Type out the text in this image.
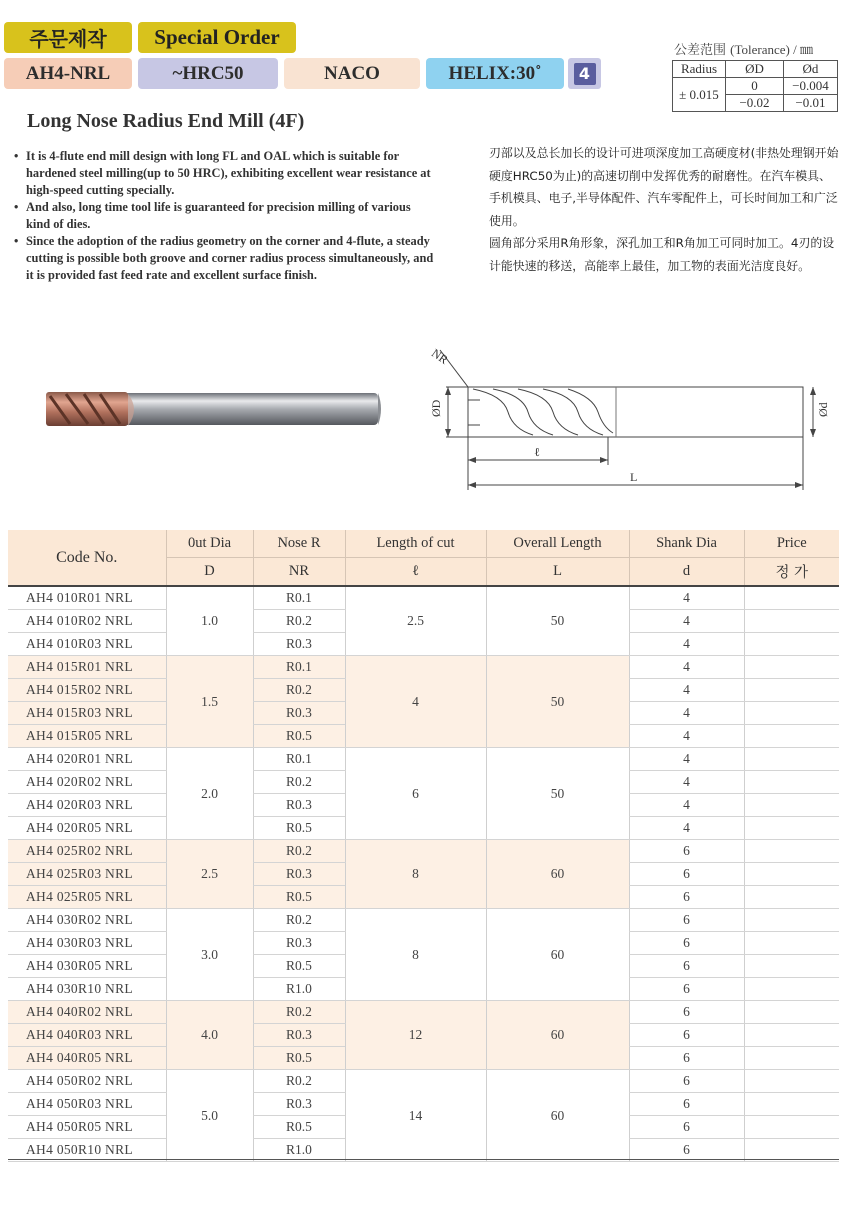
주문제작 Special Order
AH4-NRL	~HRC50	NACO	HELIX:30˚	4
公差范围 (Tolerance) / ㎜
Radius	ØD	Ød
± 0.015	0	−0.004
	−0.02	−0.01
Long Nose Radius End Mill (4F)
• It is 4-flute end mill design with long FL and OAL which is suitable for hardened steel milling(up to 50 HRC), exhibiting excellent wear resistance at high-speed cutting specially.
• And also, long time tool life is guaranteed for precision milling of various kind of dies.
• Since the adoption of the radius geometry on the corner and 4-flute, a steady cutting is possible both groove and corner radius process simultaneously, and it is provided fast feed rate and excellent surface finish.

刃部以及总长加长的设计可进项深度加工高硬度材(非热处理钢开始硬度HRC50为止)的高速切削中发挥优秀的耐磨性。在汽车模具、手机模具、电子,半导体配件、汽车零配件上，可长时间加工和广泛使用。

圆角部分采用R角形象，深孔加工和R角加工可同时加工。4刃的设计能快速的移送，高能率上最佳，加工物的表面光洁度良好。

NR
ØD	Ød
ℓ
L
Code No.	0ut Dia	Nose R	Length of cut	Overall Length	Shank Dia	Price
	D	NR	ℓ	L	d	정 가
AH4 010R01 NRL	1.0	R0.1	2.5	50	4	
AH4 010R02 NRL		R0.2			4	
AH4 010R03 NRL		R0.3			4	
AH4 015R01 NRL	1.5	R0.1	4	50	4	
AH4 015R02 NRL		R0.2			4	
AH4 015R03 NRL		R0.3			4	
AH4 015R05 NRL		R0.5			4	
AH4 020R01 NRL	2.0	R0.1	6	50	4	
AH4 020R02 NRL		R0.2			4	
AH4 020R03 NRL		R0.3			4	
AH4 020R05 NRL		R0.5			4	
AH4 025R02 NRL	2.5	R0.2	8	60	6	
AH4 025R03 NRL		R0.3			6	
AH4 025R05 NRL		R0.5			6	
AH4 030R02 NRL	3.0	R0.2	8	60	6	
AH4 030R03 NRL		R0.3			6	
AH4 030R05 NRL		R0.5			6	
AH4 030R10 NRL		R1.0			6	
AH4 040R02 NRL	4.0	R0.2	12	60	6	
AH4 040R03 NRL		R0.3			6	
AH4 040R05 NRL		R0.5			6	
AH4 050R02 NRL	5.0	R0.2	14	60	6	
AH4 050R03 NRL		R0.3			6	
AH4 050R05 NRL		R0.5			6	
AH4 050R10 NRL		R1.0			6	
